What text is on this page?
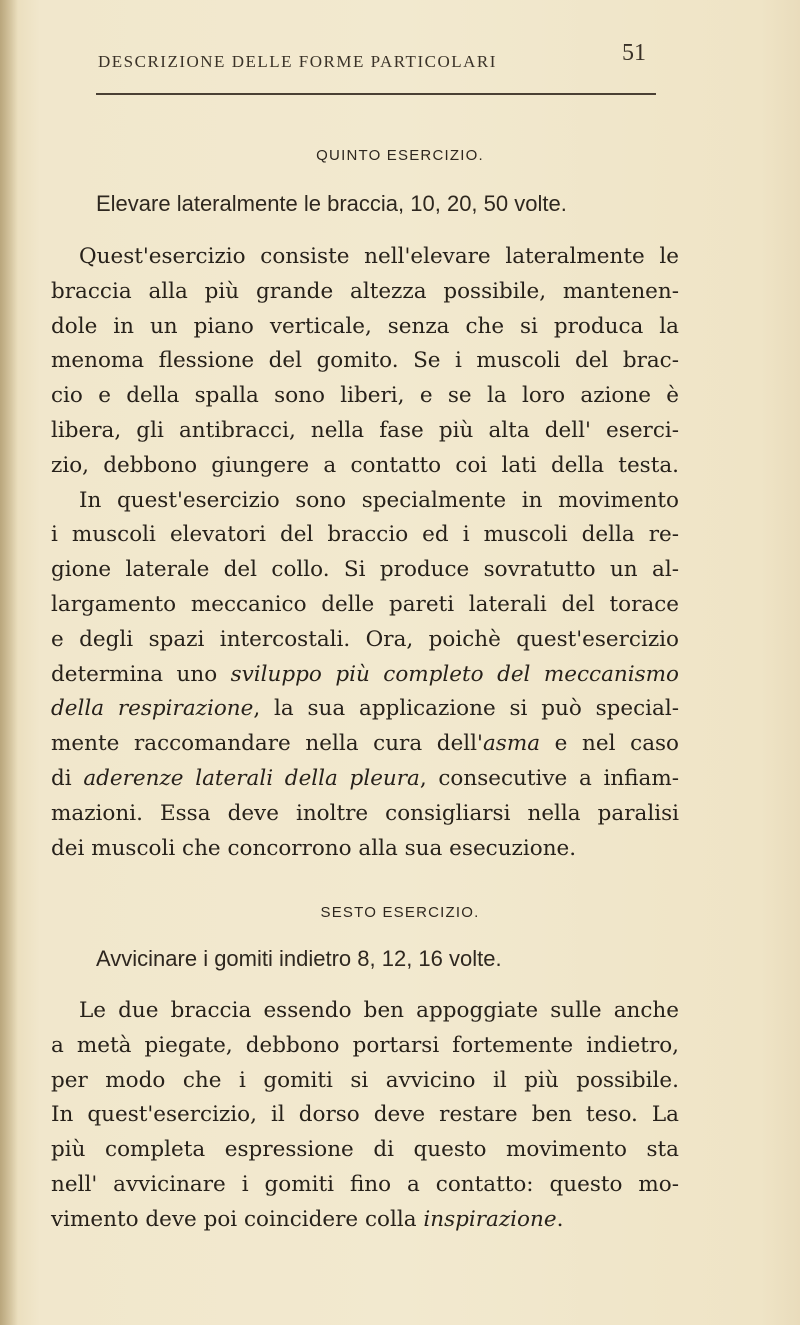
DESCRIZIONE DELLE FORME PARTICOLARI	51
QUINTO ESERCIZIO.
Elevare lateralmente le braccia, 10, 20, 50 volte.
Quest'esercizio consiste nell'elevare lateralmente le
braccia alla più grande altezza possibile, mantenen-
dole in un piano verticale, senza che si produca la
menoma flessione del gomito. Se i muscoli del brac-
cio e della spalla sono liberi, e se la loro azione è
libera, gli antibracci, nella fase più alta dell' eserci-
zio, debbono giungere a contatto coi lati della testa.
In quest'esercizio sono specialmente in movimento
i muscoli elevatori del braccio ed i muscoli della re-
gione laterale del collo. Si produce sovratutto un al-
largamento meccanico delle pareti laterali del torace
e degli spazi intercostali. Ora, poichè quest'esercizio
determina uno sviluppo più completo del meccanismo
della respirazione, la sua applicazione si può special-
mente raccomandare nella cura dell'asma e nel caso
di aderenze laterali della pleura, consecutive a infiam-
mazioni. Essa deve inoltre consigliarsi nella paralisi
dei muscoli che concorrono alla sua esecuzione.
SESTO ESERCIZIO.
Avvicinare i gomiti indietro 8, 12, 16 volte.
Le due braccia essendo ben appoggiate sulle anche
a metà piegate, debbono portarsi fortemente indietro,
per modo che i gomiti si avvicino il più possibile.
In quest'esercizio, il dorso deve restare ben teso. La
più completa espressione di questo movimento sta
nell' avvicinare i gomiti fino a contatto: questo mo-
vimento deve poi coincidere colla inspirazione.
